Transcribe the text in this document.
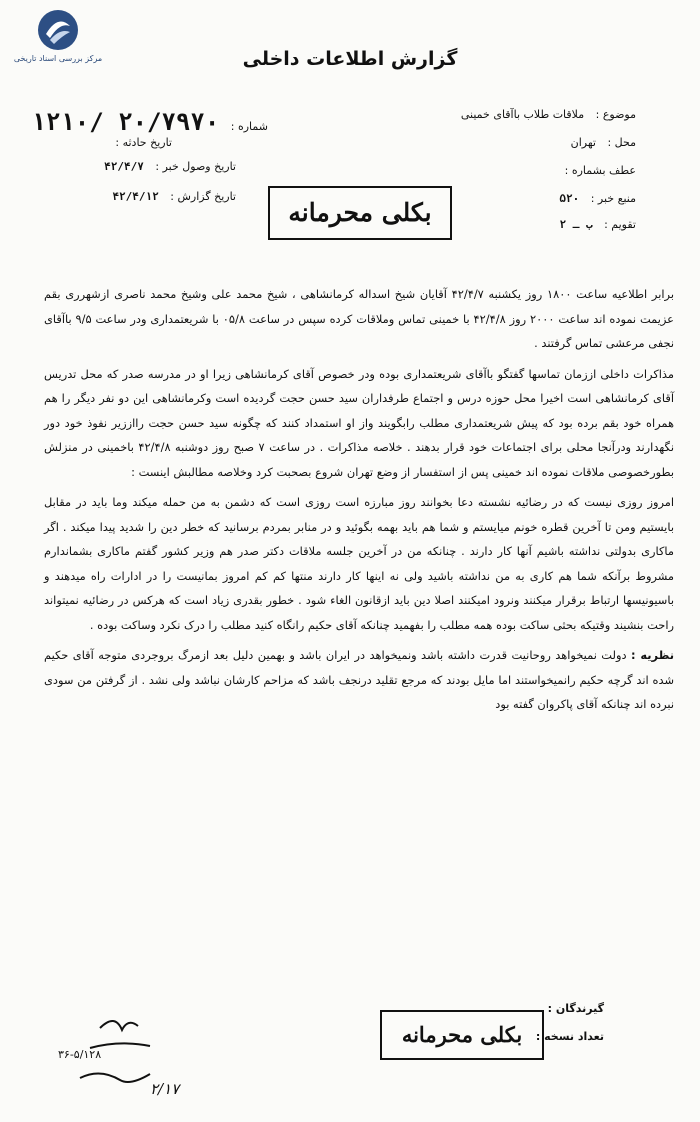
مرکز بررسی اسناد تاریخی	گزارش اطلاعات داخلی
موضوع : ملاقات طلاب باآقای خمینی
محل : تهران
عطف بشماره :
منبع خبر : ۵۲۰
تقویم : ب ـ ۲
شماره : ۲۰/۷۹۷۰ /۱۲۱۰
تاریخ حادثه :
تاریخ وصول خبر : ۴۲/۴/۷
تاریخ گزارش : ۴۲/۴/۱۲
بکلی محرمانه

برابر اطلاعیه ساعت ۱۸۰۰ روز یکشنبه ۴۲/۴/۷ آقایان شیخ اسداله کرمانشاهی ، شیخ محمد علی وشیخ محمد ناصری ازشهرری بقم عزیمت نموده اند ساعت ۲۰۰۰ روز ۴۲/۴/۸ با خمینی تماس وملاقات کرده سپس در ساعت ۰۵/۸ با شریعتمداری ودر ساعت ۹/۵ باآقای نجفی مرعشی تماس گرفتند .

مذاکرات داخلی اززمان تماسها گفتگو باآقای شریعتمداری بوده ودر خصوص آقای کرمانشاهی زیرا او در مدرسه صدر که محل تدریس آقای کرمانشاهی است اخیرا محل حوزه درس و اجتماع طرفداران سید حسن حجت گردیده است وکرمانشاهی این دو نفر دیگر را هم همراه خود بقم برده بود که پیش شریعتمداری مطلب رابگویند واز او استمداد کنند که چگونه سید حسن حجت رااززیر نفوذ خود دور نگهدارند ودرآنجا محلی برای اجتماعات خود قرار بدهند . خلاصه مذاکرات . در ساعت ۷ صبح روز دوشنبه ۴۲/۴/۸ باخمینی در منزلش بطورخصوصی ملاقات نموده اند خمینی پس از استفسار از وضع تهران شروع بصحبت کرد وخلاصه مطالبش اینست :

امروز روزی نیست که در رضائیه نشسته دعا بخوانند روز مبارزه است روزی است که دشمن به من حمله میکند وما باید در مقابل بایستیم ومن تا آخرین قطره خونم میایستم و شما هم باید بهمه بگوئید و در منابر بمردم برسانید که خطر دین را شدید پیدا میکند . اگر ماکاری بدولتی نداشته باشیم آنها کار دارند . چنانکه من در آخرین جلسه ملاقات دکتر صدر هم وزیر کشور گفتم ماکاری بشماندارم مشروط برآنکه شما هم کاری به من نداشته باشید ولی نه اینها کار دارند منتها کم کم امروز بمانیست را در ادارات راه میدهند و باسیونیسها ارتباط برقرار میکنند ونرود امیکنند اصلا دین باید ازقانون الغاء شود . خطور بقدری زیاد است که هرکس در رضائیه نمیتواند راحت بنشیند وقتیکه بحثی ساکت بوده همه مطلب را بفهمید چنانکه آقای حکیم رانگاه کنید مطلب را درک نکرد وساکت بوده .

نظریه : دولت نمیخواهد روحانیت قدرت داشته باشد ونمیخواهد در ایران باشد و بهمین دلیل بعد ازمرگ بروجردی متوجه آقای حکیم شده اند گرچه حکیم رانمیخواستند اما مایل بودند که مرجع تقلید درنجف باشد که مزاحم کارشان نباشد ولی نشد . از گرفتن من سودی نبرده اند چنانکه آقای پاکروان گفته بود

گیرندگان :
تعداد نسخه :
بکلی محرمانه
۳۶-۵/۱۲۸
۲/۱۷
